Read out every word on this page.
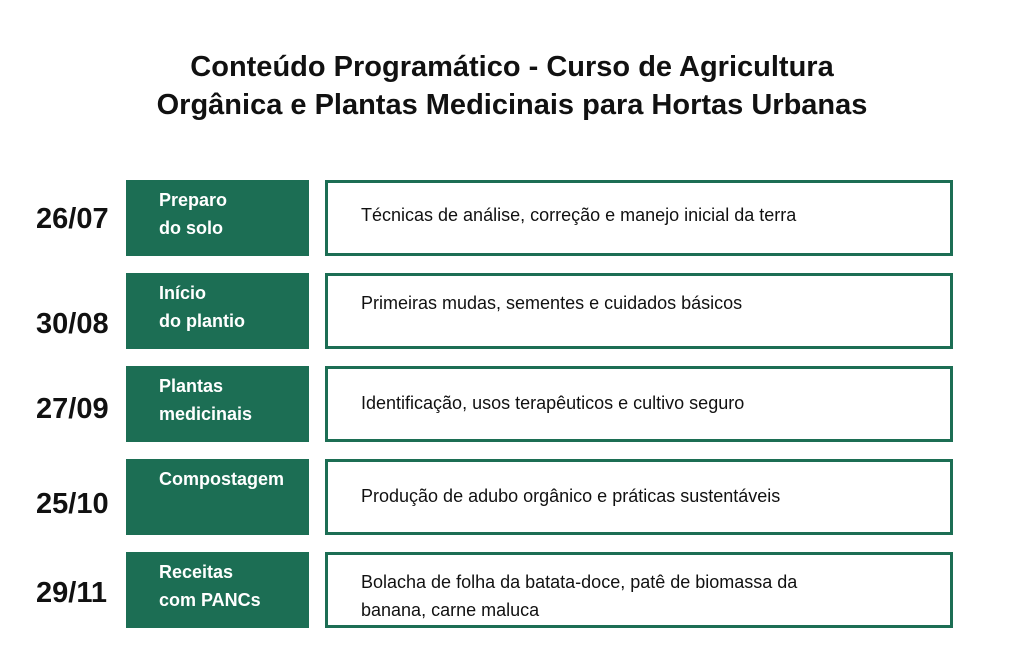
Conteúdo Programático - Curso de Agricultura
Orgânica e Plantas Medicinais para Hortas Urbanas
26/07
Preparo
do solo
Técnicas de análise, correção e manejo inicial da terra
30/08
Início
do plantio
Primeiras mudas, sementes e cuidados básicos
27/09
Plantas
medicinais
Identificação, usos terapêuticos e cultivo seguro
25/10
Compostagem
Produção de adubo orgânico e práticas sustentáveis
29/11
Receitas
com PANCs
Bolacha de folha da batata-doce, patê de biomassa da
banana, carne maluca
